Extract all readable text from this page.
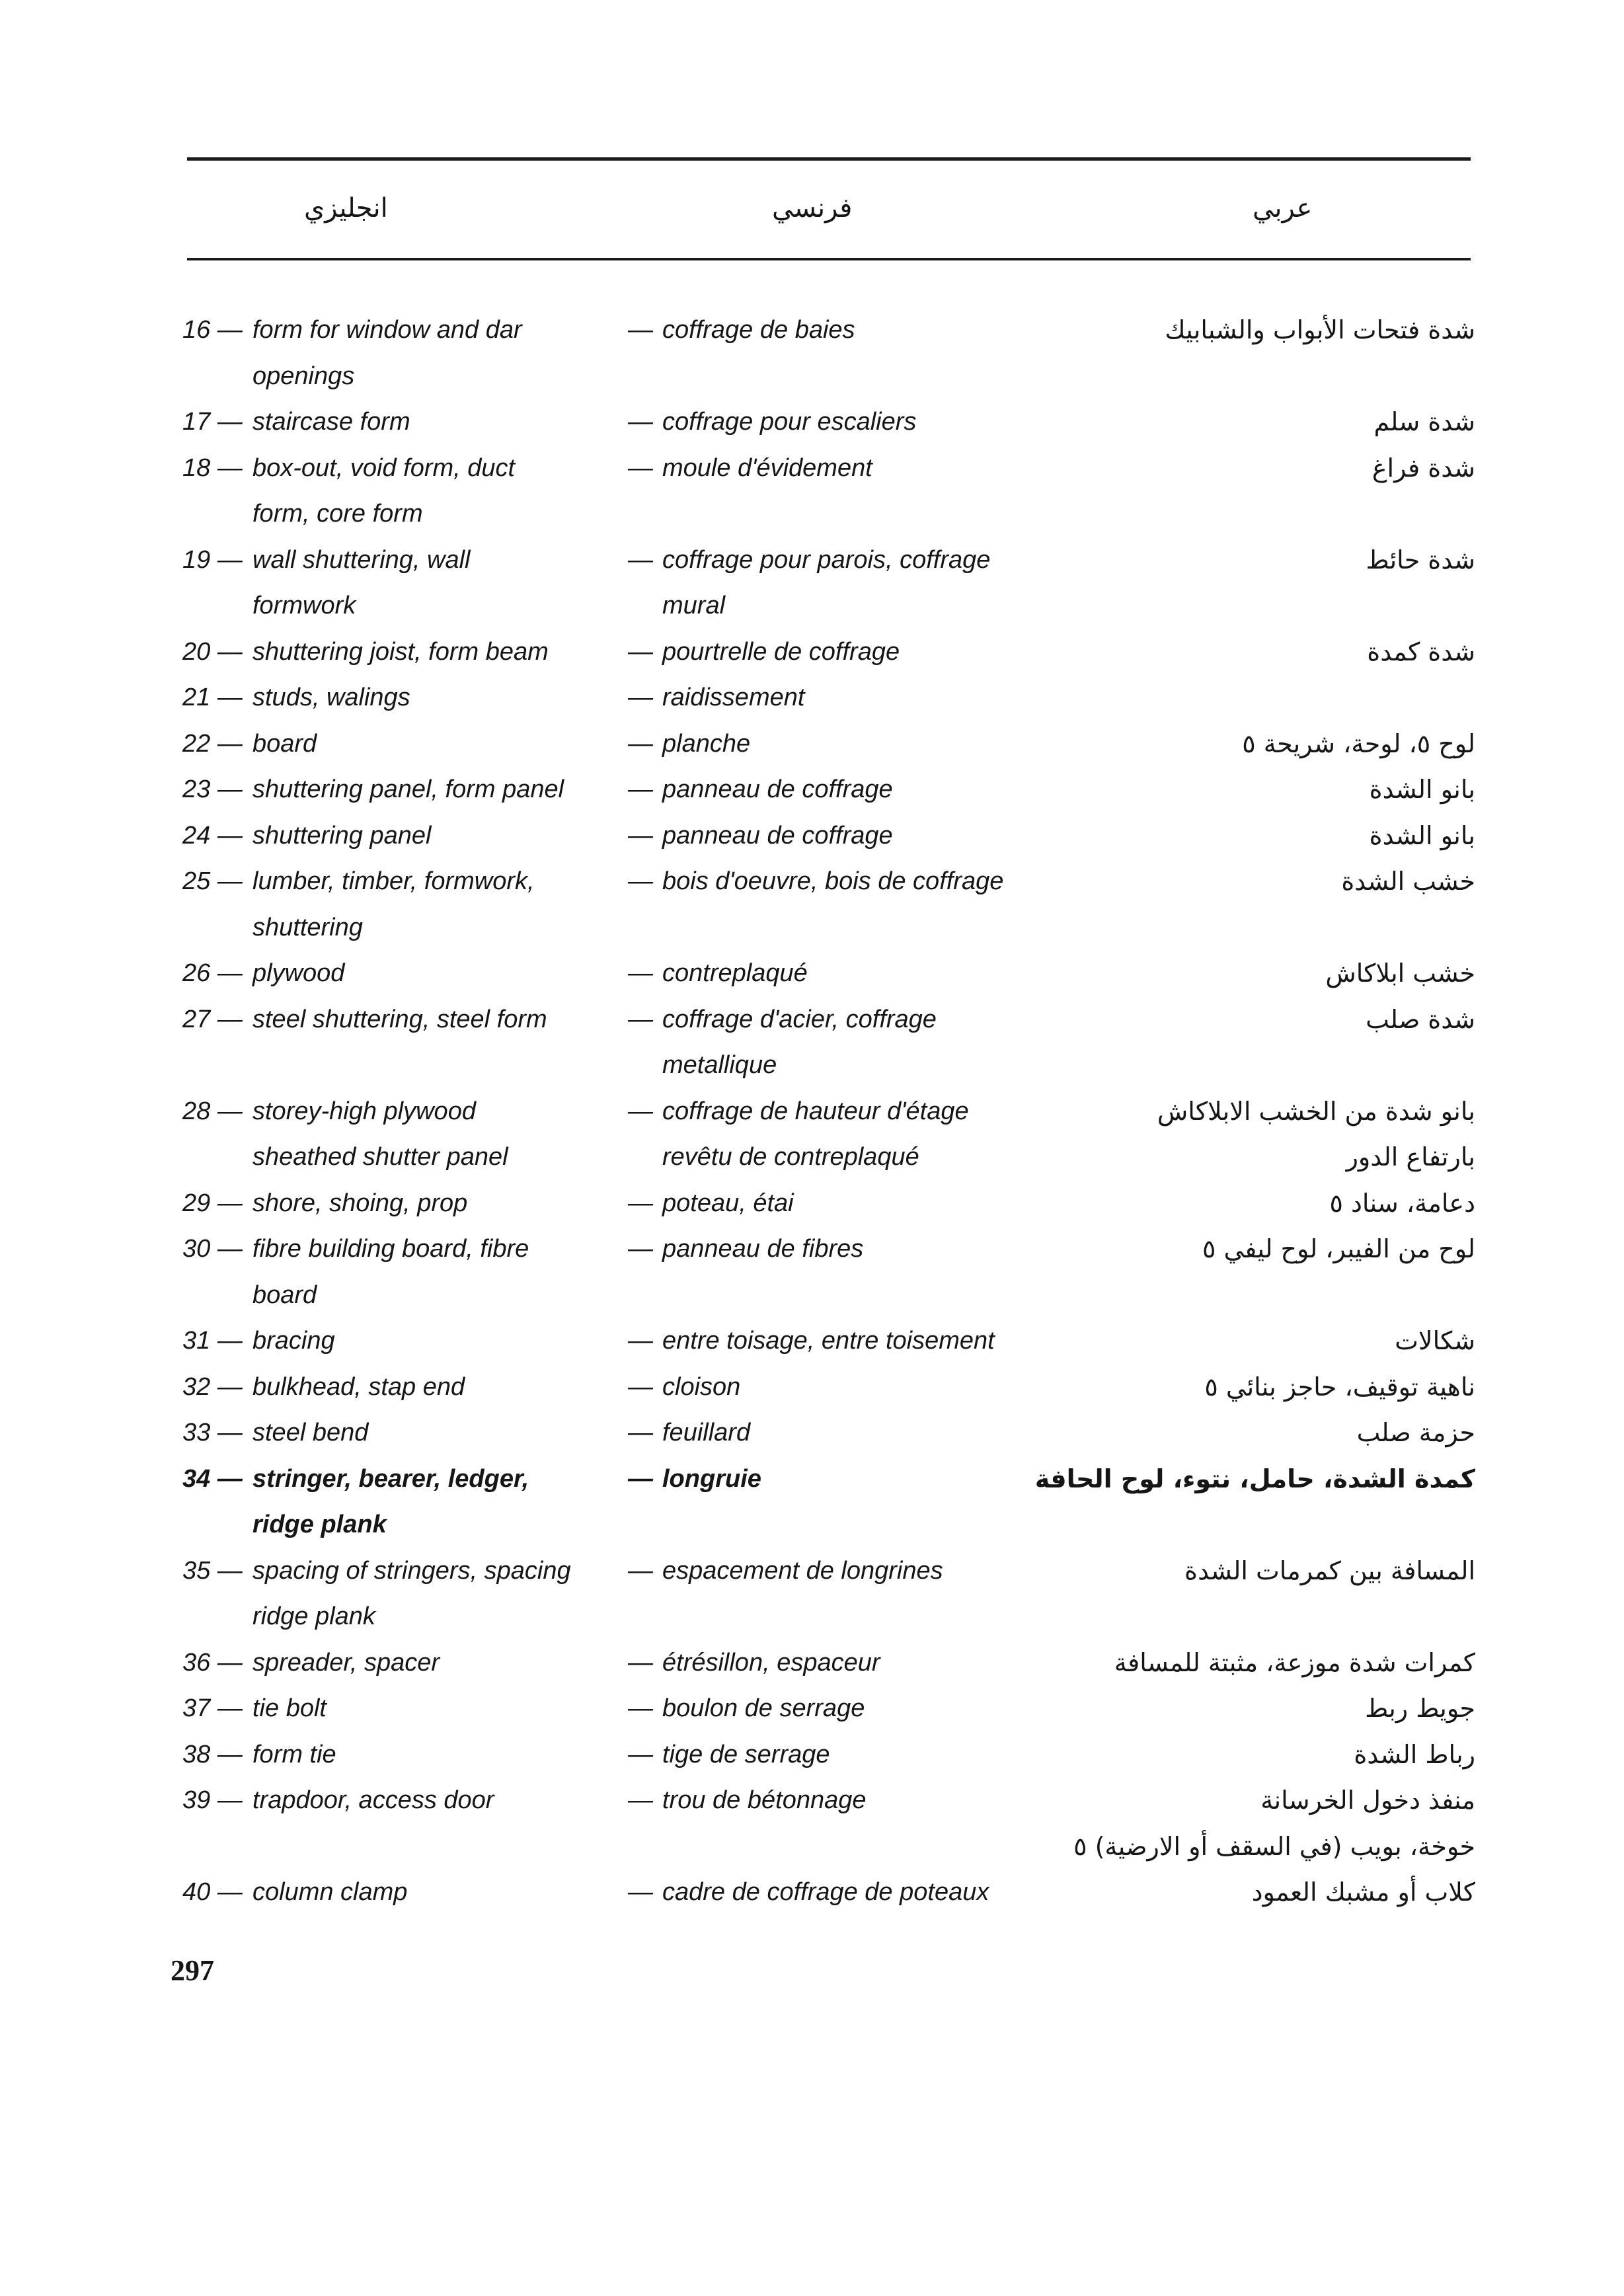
انجليزي	فرنسي	عربي
16 — form for window and dar
openings
— coffrage de baies	شدة فتحات الأبواب والشبابيك
17 — staircase form	— coffrage pour escaliers	شدة سلم
18 — box-out, void form, duct
form, core form
— moule d'évidement	شدة فراغ
19 — wall shuttering, wall
formwork
— coffrage pour parois, coffrage
mural
شدة حائط
20 — shuttering joist, form beam	— pourtrelle de coffrage	شدة كمدة
21 — studs, walings	— raidissement
22 — board	— planche	لوح ٥، لوحة، شريحة ٥
23 — shuttering panel, form panel	— panneau de coffrage	بانو الشدة
24 — shuttering panel	— panneau de coffrage	بانو الشدة
25 — lumber, timber, formwork,
shuttering
— bois d'oeuvre, bois de coffrage	خشب الشدة
26 — plywood	— contreplaqué	خشب ابلاكاش
27 — steel shuttering, steel form	— coffrage d'acier, coffrage
metallique
شدة صلب
28 — storey-high plywood
sheathed shutter panel
— coffrage de hauteur d'étage
revêtu de contreplaqué
بانو شدة من الخشب الابلاكاش
بارتفاع الدور
29 — shore, shoing, prop	— poteau, étai	دعامة، سناد ٥
30 — fibre building board, fibre
board
— panneau de fibres	لوح من الفيبر، لوح ليفي ٥
31 — bracing	— entre toisage, entre toisement	شكالات
32 — bulkhead, stap end	— cloison	ناهية توقيف، حاجز بنائي ٥
33 — steel bend	— feuillard	حزمة صلب
34 — stringer, bearer, ledger,
ridge plank
— longruie	كمدة الشدة، حامل، نتوء، لوح الحافة
35 — spacing of stringers, spacing
ridge plank
— espacement de longrines	المسافة بين كمرمات الشدة
36 — spreader, spacer	— étrésillon, espaceur	كمرات شدة موزعة، مثبتة للمسافة
37 — tie bolt	— boulon de serrage	جويط ربط
38 — form tie	— tige de serrage	رباط الشدة
39 — trapdoor, access door	— trou de bétonnage	منفذ دخول الخرسانة
خوخة، بويب (في السقف أو الارضية) ٥
40 — column clamp	— cadre de coffrage de poteaux	كلاب أو مشبك العمود
297
